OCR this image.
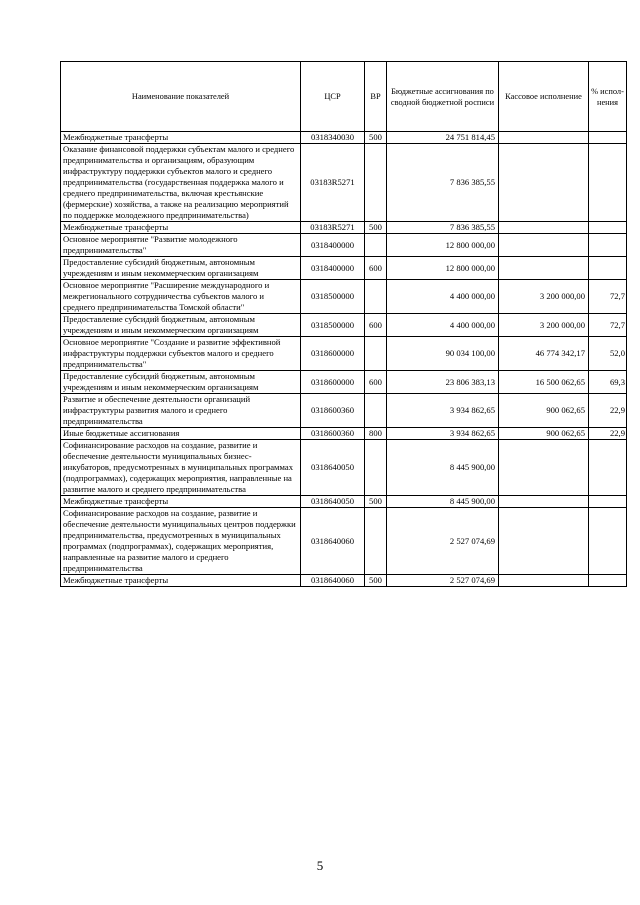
Наименование показателей	ЦСР	ВР	Бюджетные ассигнования по сводной бюджетной росписи	Кассовое исполнение	% испол-нения
Межбюджетные трансферты	0318340030	500	24 751 814,45		
Оказание финансовой поддержки субъектам малого и среднего предпринимательства и организациям, образующим инфраструктуру поддержки субъектов малого и среднего предпринимательства (государственная поддержка малого и среднего предпринимательства, включая крестьянские (фермерские) хозяйства, а также на реализацию мероприятий по поддержке молодежного предпринимательства)	03183R5271		7 836 385,55		
Межбюджетные трансферты	03183R5271	500	7 836 385,55		
Основное мероприятие "Развитие молодежного предпринимательства"	0318400000		12 800 000,00		
Предоставление субсидий бюджетным, автономным учреждениям и иным некоммерческим организациям	0318400000	600	12 800 000,00		
Основное мероприятие "Расширение международного и межрегионального сотрудничества субъектов малого и среднего предпринимательства Томской области"	0318500000		4 400 000,00	3 200 000,00	72,7
Предоставление субсидий бюджетным, автономным учреждениям и иным некоммерческим организациям	0318500000	600	4 400 000,00	3 200 000,00	72,7
Основное мероприятие "Создание и развитие эффективной инфраструктуры поддержки субъектов малого и среднего предпринимательства"	0318600000		90 034 100,00	46 774 342,17	52,0
Предоставление субсидий бюджетным, автономным учреждениям и иным некоммерческим организациям	0318600000	600	23 806 383,13	16 500 062,65	69,3
Развитие и обеспечение деятельности организаций инфраструктуры развития малого и среднего предпринимательства	0318600360		3 934 862,65	900 062,65	22,9
Иные бюджетные ассигнования	0318600360	800	3 934 862,65	900 062,65	22,9
Софинансирование расходов на создание, развитие и обеспечение деятельности муниципальных бизнес-инкубаторов, предусмотренных в муниципальных программах (подпрограммах), содержащих мероприятия, направленные на развитие малого и среднего предпринимательства	0318640050		8 445 900,00		
Межбюджетные трансферты	0318640050	500	8 445 900,00		
Софинансирование расходов на создание, развитие и обеспечение деятельности муниципальных центров поддержки предпринимательства, предусмотренных в муниципальных программах (подпрограммах), содержащих мероприятия, направленные на развитие малого и среднего предпринимательства	0318640060		2 527 074,69		
Межбюджетные трансферты	0318640060	500	2 527 074,69		
5
